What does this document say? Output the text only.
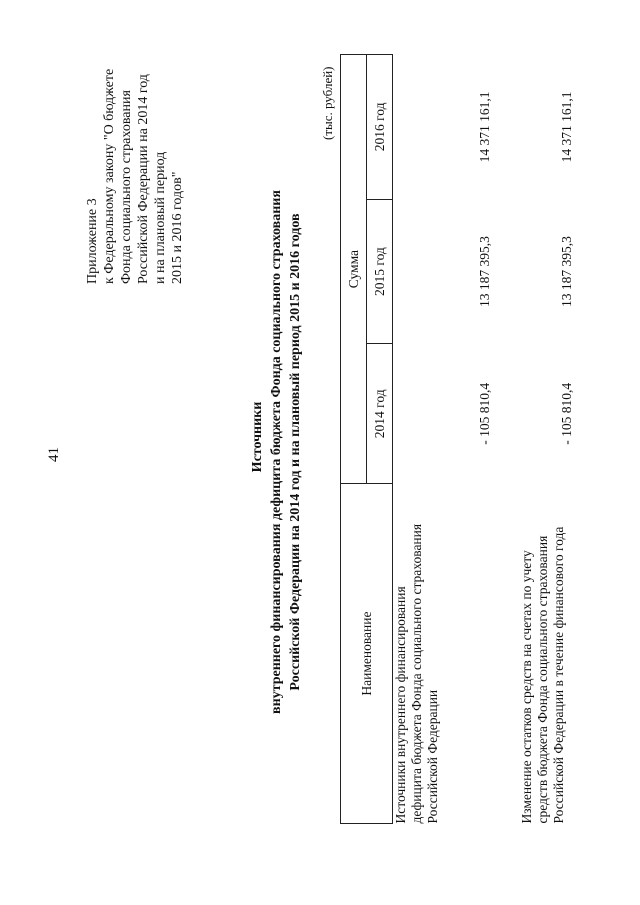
41
Приложение 3 к Федеральному закону "О бюджете Фонда социального страхования Российской Федерации на 2014 год и на плановый период 2015 и 2016 годов"
Источники внутреннего финансирования дефицита бюджета Фонда социального страхования Российской Федерации на 2014 год и на плановый период 2015 и 2016 годов
(тыс. рублей)
Наименование	Сумма		
	2014 год	2015 год	2016 год

Источники внутреннего финансирования дефицита бюджета Фонда социального страхования Российской Федерации	- 105 810,4	13 187 395,3	14 371 161,1

Изменение остатков средств на счетах по учету средств бюджета Фонда социального страхования Российской Федерации в течение финансового года	- 105 810,4	13 187 395,3	14 371 161,1
